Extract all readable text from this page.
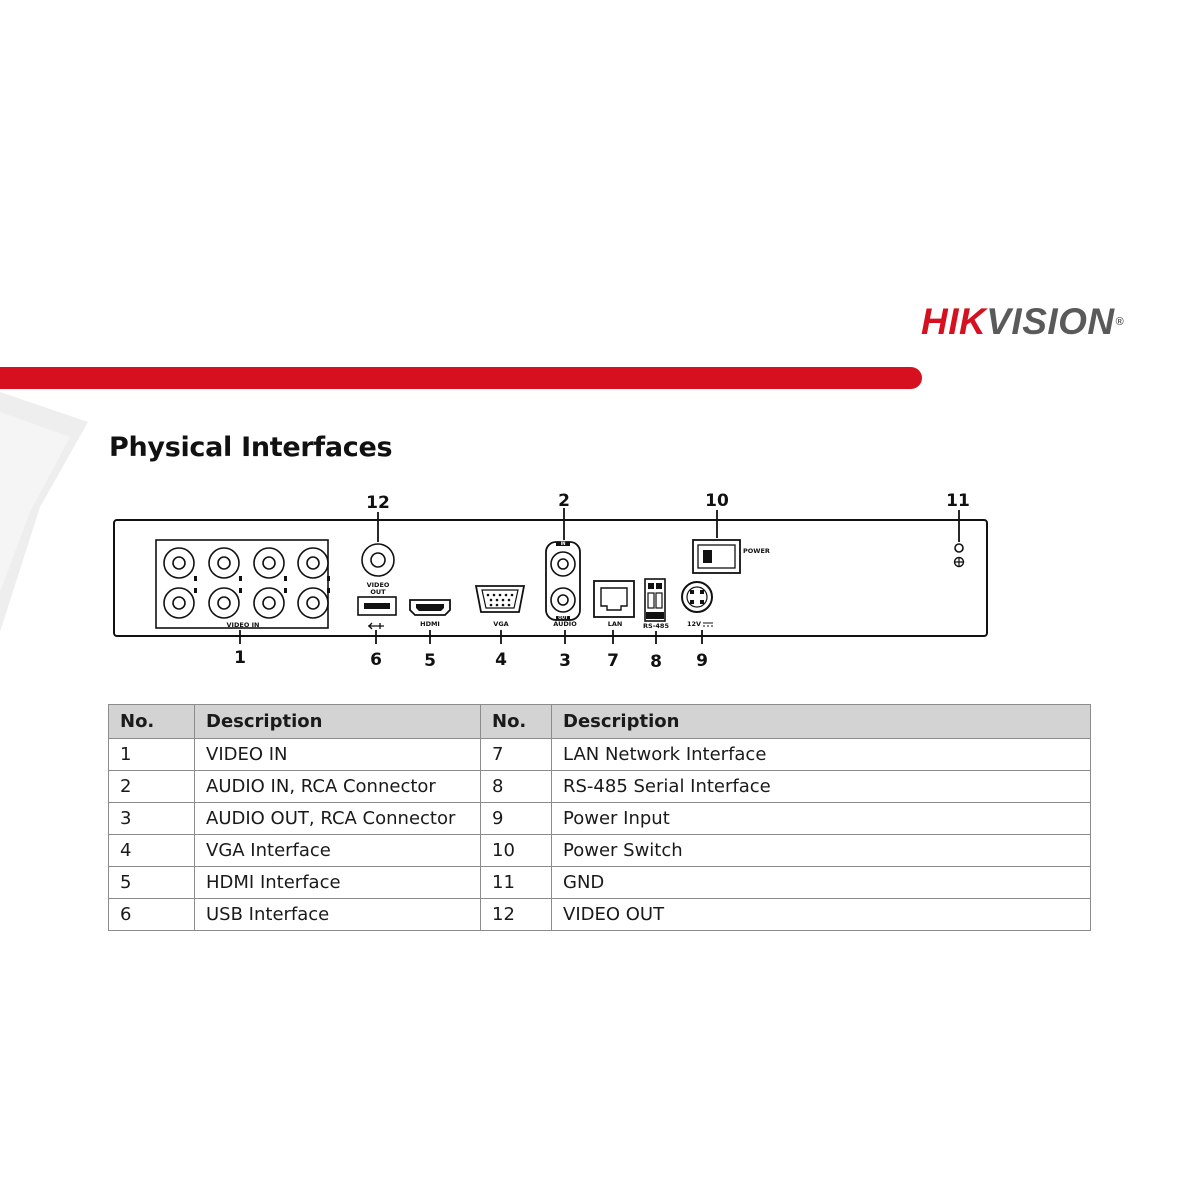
HIKVISION®
Physical Interfaces
VIDEO IN
VIDEO
OUT
HDMI	VGA
IN
OUT
AUDIO	LAN	RS-485	12V
POWER
12	2	10	11
1	6 5	4	3 7 8 9
No.	Description	No.	Description
1	VIDEO IN	7	LAN Network Interface
2	AUDIO IN, RCA Connector	8	RS-485 Serial Interface
3	AUDIO OUT, RCA Connector	9	Power Input
4	VGA Interface	10	Power Switch
5	HDMI Interface	11	GND
6	USB Interface	12	VIDEO OUT
